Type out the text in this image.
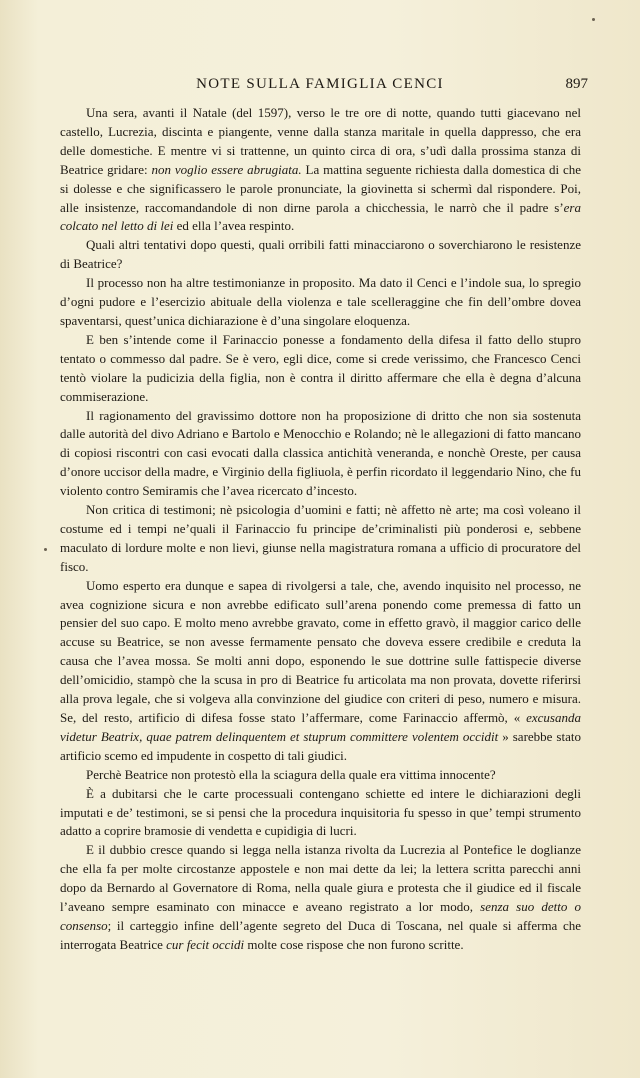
NOTE SULLA FAMIGLIA CENCI	897

Una sera, avanti il Natale (del 1597), verso le tre ore di notte, quando tutti giacevano nel castello, Lucrezia, discinta e piangente, venne dalla stanza maritale in quella dappresso, che era delle domestiche. E mentre vi si trattenne, un quinto circa di ora, s’udì dalla prossima stanza di Beatrice gridare: non voglio essere abrugiata. La mattina seguente richiesta dalla domestica di che si dolesse e che significassero le parole pronunciate, la giovinetta si schermì dal rispondere. Poi, alle insistenze, raccomandandole di non dirne parola a chicchessia, le narrò che il padre s’era colcato nel letto di lei ed ella l’avea respinto.

Quali altri tentativi dopo questi, quali orribili fatti minacciarono o soverchiarono le resistenze di Beatrice?

Il processo non ha altre testimonianze in proposito. Ma dato il Cenci e l’indole sua, lo spregio d’ogni pudore e l’esercizio abituale della violenza e tale scelleraggine che fin dell’ombre dovea spaventarsi, quest’unica dichiarazione è d’una singolare eloquenza.

E ben s’intende come il Farinaccio ponesse a fondamento della difesa il fatto dello stupro tentato o commesso dal padre. Se è vero, egli dice, come si crede verissimo, che Francesco Cenci tentò violare la pudicizia della figlia, non è contra il diritto affermare che ella è degna d’alcuna commiserazione.

Il ragionamento del gravissimo dottore non ha proposizione di dritto che non sia sostenuta dalle autorità del divo Adriano e Bartolo e Menocchio e Rolando; nè le allegazioni di fatto mancano di copiosi riscontri con casi evocati dalla classica antichità veneranda, e nonchè Oreste, per causa d’onore uccisor della madre, e Virginio della figliuola, è perfin ricordato il leggendario Nino, che fu violento contro Semiramis che l’avea ricercato d’incesto.

Non critica di testimoni; nè psicologia d’uomini e fatti; nè affetto nè arte; ma così voleano il costume ed i tempi ne’quali il Farinaccio fu principe de’criminalisti più ponderosi e, sebbene maculato di lordure molte e non lievi, giunse nella magistratura romana a ufficio di procuratore del fisco.

Uomo esperto era dunque e sapea di rivolgersi a tale, che, avendo inquisito nel processo, ne avea cognizione sicura e non avrebbe edificato sull’arena ponendo come premessa di fatto un pensier del suo capo. E molto meno avrebbe gravato, come in effetto gravò, il maggior carico delle accuse su Beatrice, se non avesse fermamente pensato che doveva essere credibile e creduta la causa che l’avea mossa. Se molti anni dopo, esponendo le sue dottrine sulle fattispecie diverse dell’omicidio, stampò che la scusa in pro di Beatrice fu articolata ma non provata, dovette riferirsi alla prova legale, che si volgeva alla convinzione del giudice con criteri di peso, numero e misura. Se, del resto, artificio di difesa fosse stato l’affermare, come Farinaccio affermò, « excusanda videtur Beatrix, quae patrem delinquentem et stuprum committere volentem occidit » sarebbe stato artificio scemo ed impudente in cospetto di tali giudici.

Perchè Beatrice non protestò ella la sciagura della quale era vittima innocente?

È a dubitarsi che le carte processuali contengano schiette ed intere le dichiarazioni degli imputati e de’ testimoni, se si pensi che la procedura inquisitoria fu spesso in que’ tempi strumento adatto a coprire bramosie di vendetta e cupidigia di lucri.

E il dubbio cresce quando si legga nella istanza rivolta da Lucrezia al Pontefice le doglianze che ella fa per molte circostanze appostele e non mai dette da lei; la lettera scritta parecchi anni dopo da Bernardo al Governatore di Roma, nella quale giura e protesta che il giudice ed il fiscale l’aveano sempre esaminato con minacce e aveano registrato a lor modo, senza suo detto o consenso; il carteggio infine dell’agente segreto del Duca di Toscana, nel quale si afferma che interrogata Beatrice cur fecit occidi molte cose rispose che non furono scritte.
